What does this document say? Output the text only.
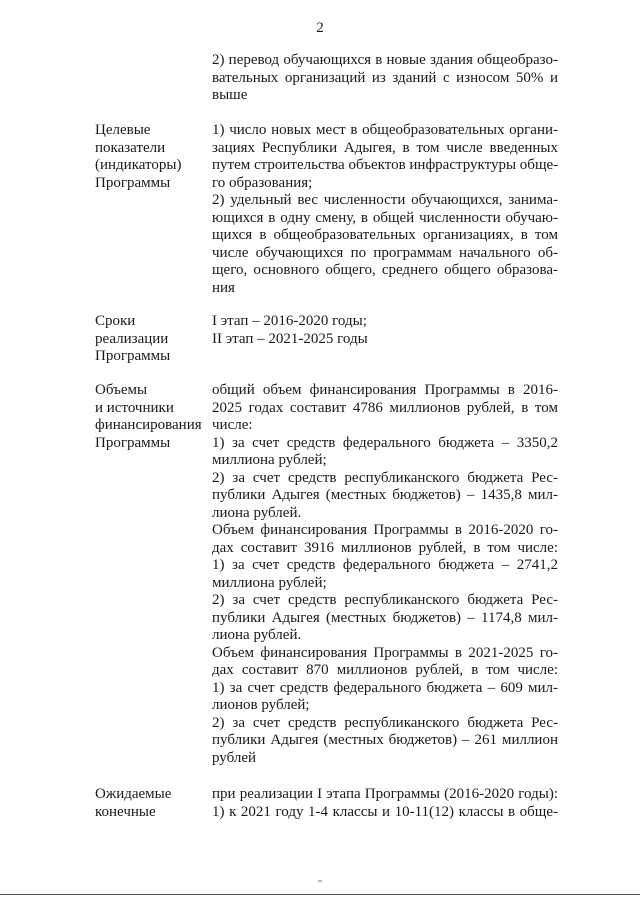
2
2) перевод обучающихся в новые здания общеобразо-
вательных организаций из зданий с износом 50% и
выше
Целевые
показатели
(индикаторы)
Программы
1) число новых мест в общеобразовательных органи-
зациях Республики Адыгея, в том числе введенных
путем строительства объектов инфраструктуры обще-
го образования;
2) удельный вес численности обучающихся, занима-
ющихся в одну смену, в общей численности обучаю-
щихся в общеобразовательных организациях, в том
числе обучающихся по программам начального об-
щего, основного общего, среднего общего образова-
ния
Сроки
реализации
Программы
I этап – 2016-2020 годы;
II этап – 2021-2025 годы
Объемы
и источники
финансирования
Программы
общий объем финансирования Программы в 2016-
2025 годах составит 4786 миллионов рублей, в том
числе:
1) за счет средств федерального бюджета – 3350,2
миллиона рублей;
2) за счет средств республиканского бюджета Рес-
публики Адыгея (местных бюджетов) – 1435,8 мил-
лиона рублей.
Объем финансирования Программы в 2016-2020 го-
дах составит 3916 миллионов рублей, в том числе:
1) за счет средств федерального бюджета – 2741,2
миллиона рублей;
2) за счет средств республиканского бюджета Рес-
публики Адыгея (местных бюджетов) – 1174,8 мил-
лиона рублей.
Объем финансирования Программы в 2021-2025 го-
дах составит 870 миллионов рублей, в том числе:
1) за счет средств федерального бюджета – 609 мил-
лионов рублей;
2) за счет средств республиканского бюджета Рес-
публики Адыгея (местных бюджетов) – 261 миллион
рублей
Ожидаемые
конечные
при реализации I этапа Программы (2016-2020 годы):
1) к 2021 году 1-4 классы и 10-11(12) классы в обще-
